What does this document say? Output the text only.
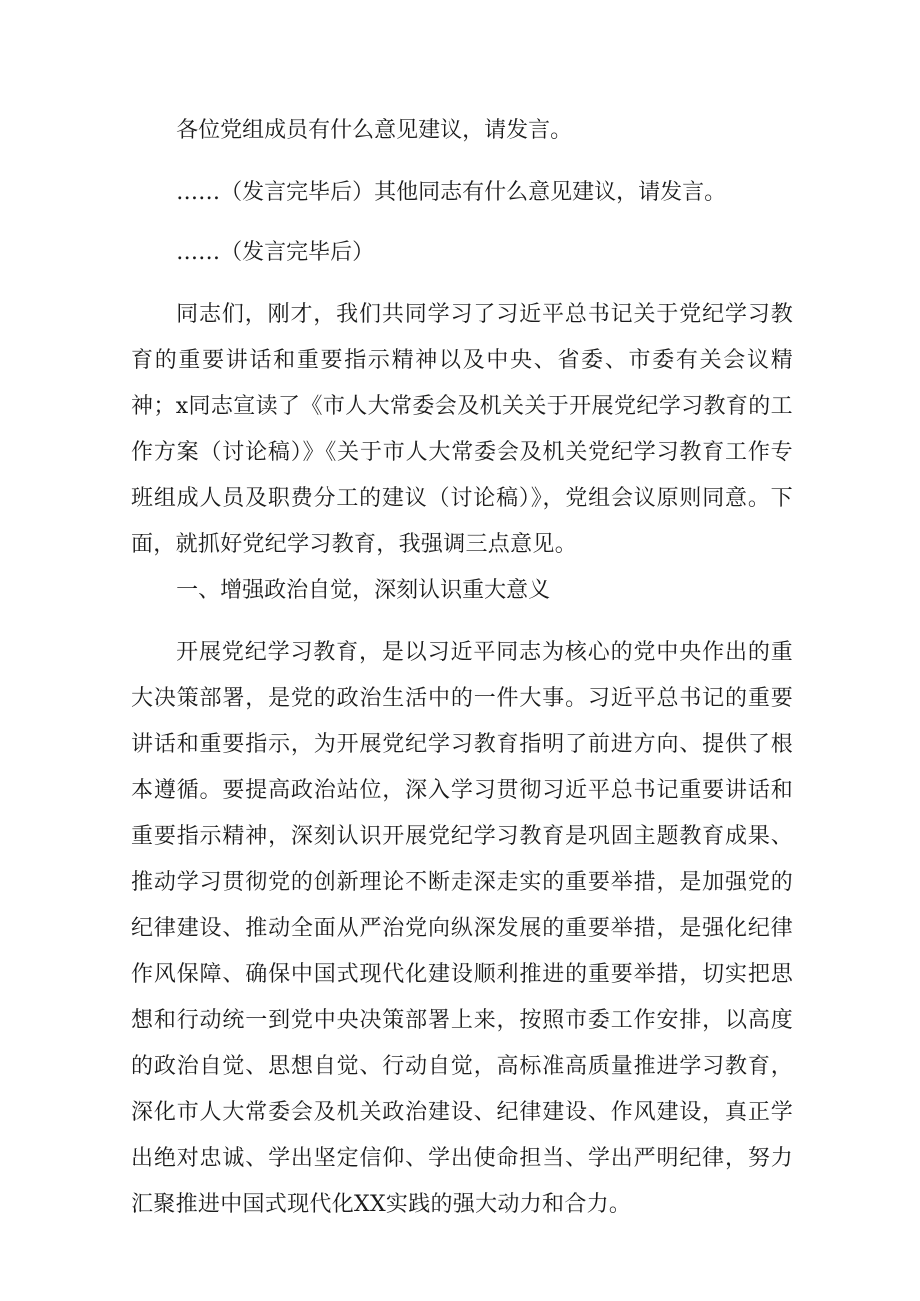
各位党组成员有什么意见建议，请发言。

……（发言完毕后）其他同志有什么意见建议，请发言。

……（发言完毕后）

同志们，刚才，我们共同学习了习近平总书记关于党纪学习教育的重要讲话和重要指示精神以及中央、省委、市委有关会议精神；x同志宣读了《市人大常委会及机关关于开展党纪学习教育的工作方案（讨论稿）》《关于市人大常委会及机关党纪学习教育工作专班组成人员及职费分工的建议（讨论稿）》，党组会议原则同意。下面，就抓好党纪学习教育，我强调三点意见。

一、增强政治自觉，深刻认识重大意义

开展党纪学习教育，是以习近平同志为核心的党中央作出的重大决策部署，是党的政治生活中的一件大事。习近平总书记的重要讲话和重要指示，为开展党纪学习教育指明了前进方向、提供了根本遵循。要提高政治站位，深入学习贯彻习近平总书记重要讲话和重要指示精神，深刻认识开展党纪学习教育是巩固主题教育成果、推动学习贯彻党的创新理论不断走深走实的重要举措，是加强党的纪律建设、推动全面从严治党向纵深发展的重要举措，是强化纪律作风保障、确保中国式现代化建设顺利推进的重要举措，切实把思想和行动统一到党中央决策部署上来，按照市委工作安排，以高度的政治自觉、思想自觉、行动自觉，高标准高质量推进学习教育，深化市人大常委会及机关政治建设、纪律建设、作风建设，真正学出绝对忠诚、学出坚定信仰、学出使命担当、学出严明纪律，努力汇聚推进中国式现代化XX实践的强大动力和合力。
